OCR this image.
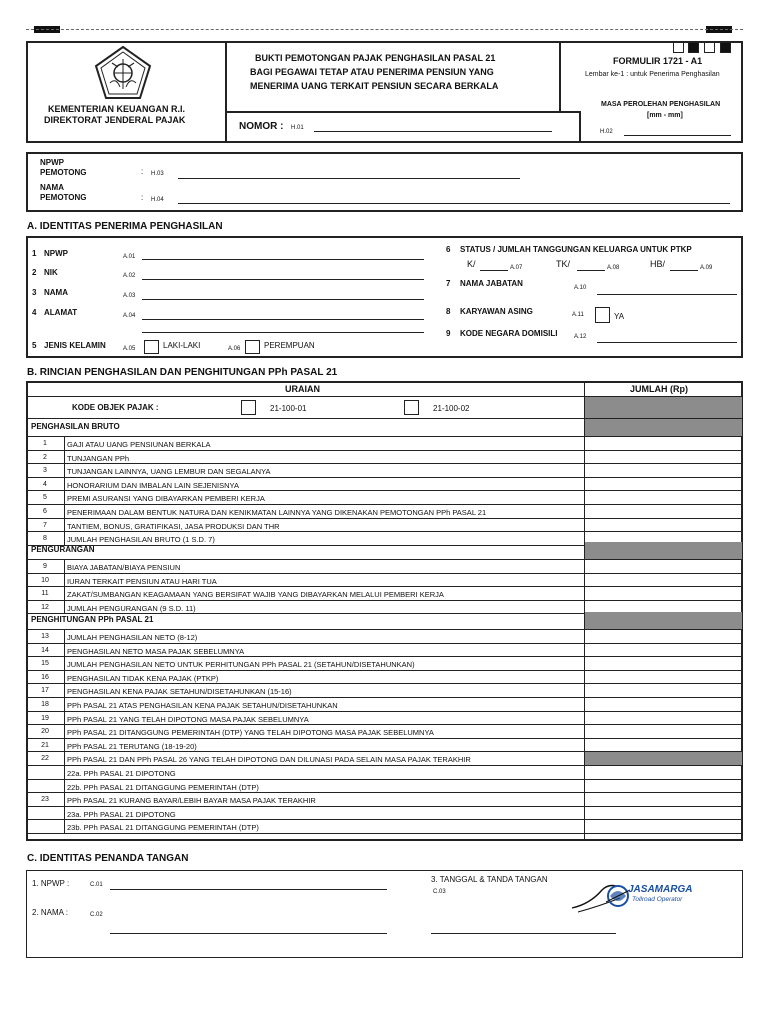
KEMENTERIAN KEUANGAN R.I.
DIREKTORAT JENDERAL PAJAK
BUKTI PEMOTONGAN PAJAK PENGHASILAN PASAL 21
BAGI PEGAWAI TETAP ATAU PENERIMA PENSIUN YANG
MENERIMA UANG TERKAIT PENSIUN SECARA BERKALA
NOMOR : H.01
FORMULIR 1721 - A1
Lembar ke-1 : untuk Penerima Penghasilan
MASA PEROLEHAN PENGHASILAN
[mm - mm]
H.02
NPWP
PEMOTONG	: H.03
NAMA
PEMOTONG	: H.04
A. IDENTITAS PENERIMA PENGHASILAN
1 NPWP	A.01
2 NIK	A.02
3 NAMA	A.03
4 ALAMAT	A.04
5 JENIS KELAMIN	A.05	LAKI-LAKI	A.06	PEREMPUAN
6 STATUS / JUMLAH TANGGUNGAN KELUARGA UNTUK PTKP
K/	A.07	TK/	A.08	HB/	A.09
7 NAMA JABATAN	A.10
8 KARYAWAN ASING	A.11	YA
9 KODE NEGARA DOMISILI	A.12
B. RINCIAN PENGHASILAN DAN PENGHITUNGAN PPh PASAL 21
URAIAN	JUMLAH (Rp)
KODE OBJEK PAJAK :	21-100-01	21-100-02
PENGHASILAN BRUTO
1	GAJI ATAU UANG PENSIUNAN BERKALA
2	TUNJANGAN PPh
3	TUNJANGAN LAINNYA, UANG LEMBUR DAN SEGALANYA
4	HONORARIUM DAN IMBALAN LAIN SEJENISNYA
5	PREMI ASURANSI YANG DIBAYARKAN PEMBERI KERJA
6	PENERIMAAN DALAM BENTUK NATURA DAN KENIKMATAN LAINNYA YANG DIKENAKAN PEMOTONGAN PPh PASAL 21
7	TANTIEM, BONUS, GRATIFIKASI, JASA PRODUKSI DAN THR
8	JUMLAH PENGHASILAN BRUTO (1 S.D. 7)
PENGURANGAN
9	BIAYA JABATAN/BIAYA PENSIUN
10	IURAN TERKAIT PENSIUN ATAU HARI TUA
11	ZAKAT/SUMBANGAN KEAGAMAAN YANG BERSIFAT WAJIB YANG DIBAYARKAN MELALUI PEMBERI KERJA
12	JUMLAH PENGURANGAN (9 S.D. 11)
PENGHITUNGAN PPh PASAL 21
13	JUMLAH PENGHASILAN NETO (8-12)
14	PENGHASILAN NETO MASA PAJAK SEBELUMNYA
15	JUMLAH PENGHASILAN NETO UNTUK PERHITUNGAN PPh PASAL 21 (SETAHUN/DISETAHUNKAN)
16	PENGHASILAN TIDAK KENA PAJAK (PTKP)
17	PENGHASILAN KENA PAJAK SETAHUN/DISETAHUNKAN (15-16)
18	PPh PASAL 21 ATAS PENGHASILAN KENA PAJAK SETAHUN/DISETAHUNKAN
19	PPh PASAL 21 YANG TELAH DIPOTONG MASA PAJAK SEBELUMNYA
20	PPh PASAL 21 DITANGGUNG PEMERINTAH (DTP) YANG TELAH DIPOTONG MASA PAJAK SEBELUMNYA
21	PPh PASAL 21 TERUTANG (18-19-20)
22	PPh PASAL 21 DAN PPh PASAL 26 YANG TELAH DIPOTONG DAN DILUNASI PADA SELAIN MASA PAJAK TERAKHIR
22a. PPh PASAL 21 DIPOTONG
22b. PPh PASAL 21 DITANGGUNG PEMERINTAH (DTP)
23	PPh PASAL 21 KURANG BAYAR/LEBIH BAYAR MASA PAJAK TERAKHIR
23a. PPh PASAL 21 DIPOTONG
23b. PPh PASAL 21 DITANGGUNG PEMERINTAH (DTP)
C. IDENTITAS PENANDA TANGAN
1. NPWP :	C.01
2. NAMA :	C.02
3. TANGGAL & TANDA TANGAN
C.03	JASAMARGA
Tollroad Operator
